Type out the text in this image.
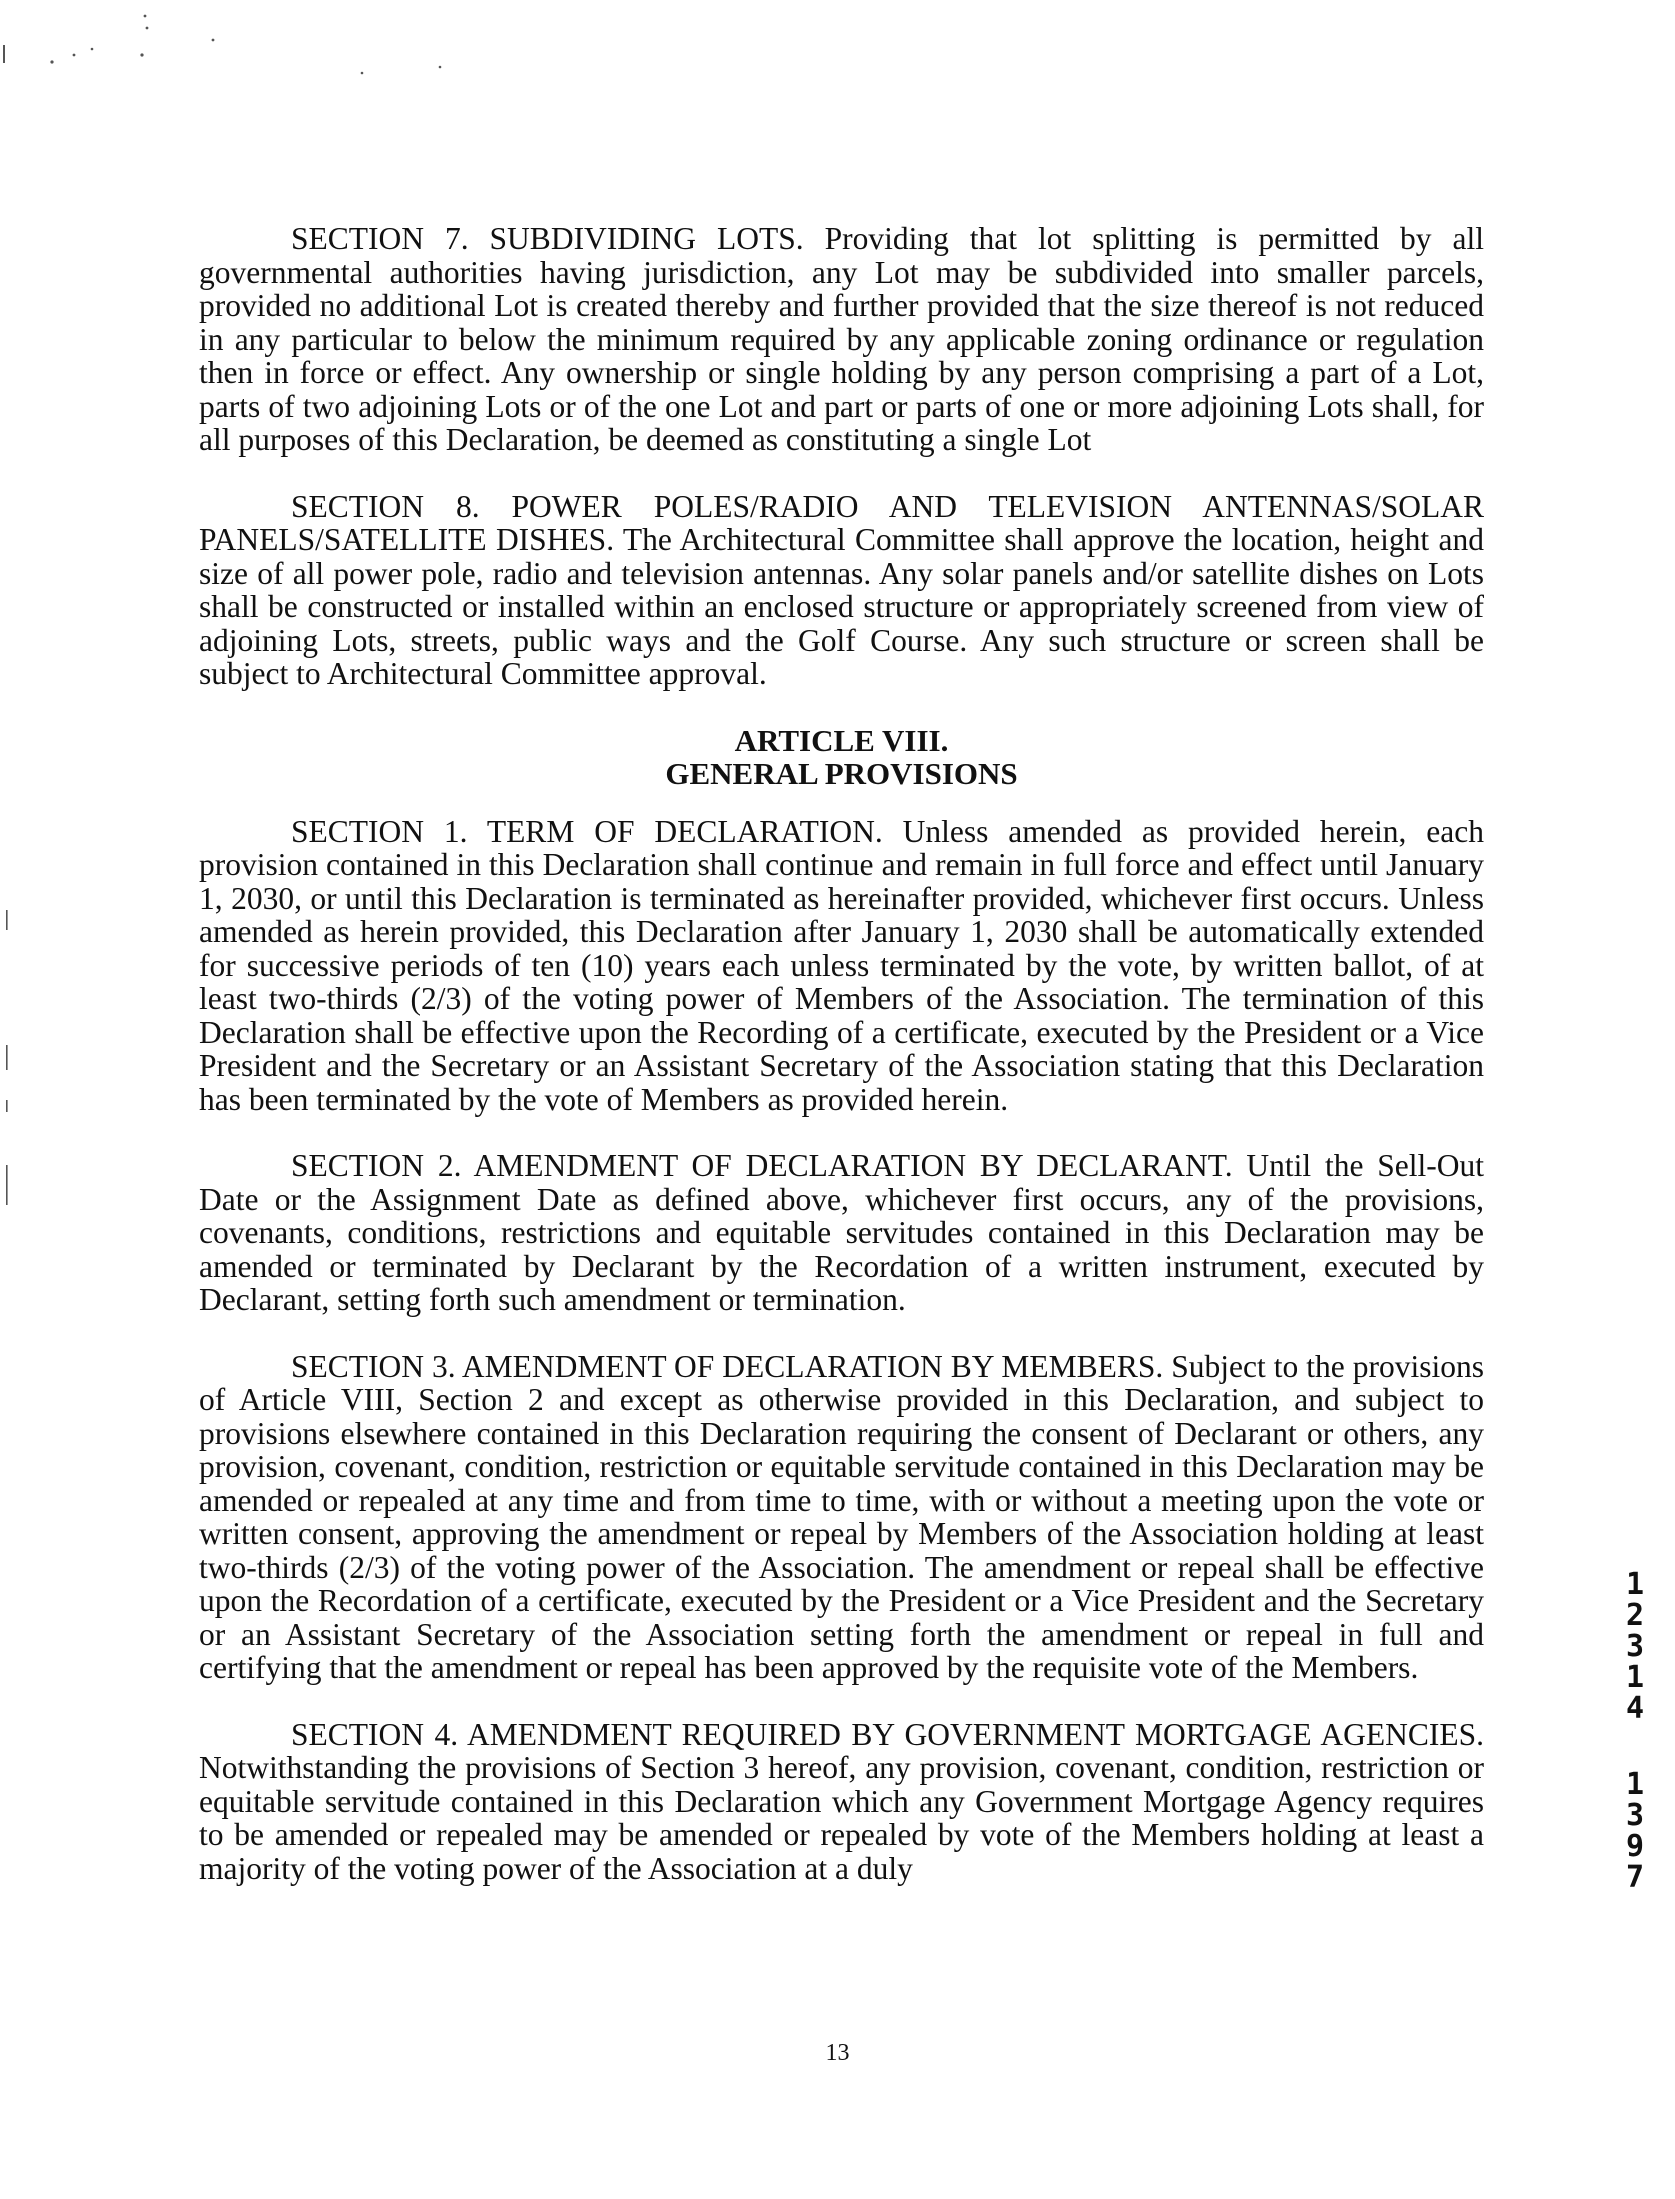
SECTION 7. SUBDIVIDING LOTS. Providing that lot splitting is permitted by all governmental authorities having jurisdiction, any Lot may be subdivided into smaller parcels, provided no additional Lot is created thereby and further provided that the size thereof is not reduced in any particular to below the minimum required by any applicable zoning ordinance or regulation then in force or effect. Any ownership or single holding by any person comprising a part of a Lot, parts of two adjoining Lots or of the one Lot and part or parts of one or more adjoining Lots shall, for all purposes of this Declaration, be deemed as constituting a single Lot

SECTION 8. POWER POLES/RADIO AND TELEVISION ANTENNAS/SOLAR PANELS/SATELLITE DISHES. The Architectural Committee shall approve the location, height and size of all power pole, radio and television antennas. Any solar panels and/or satellite dishes on Lots shall be constructed or installed within an enclosed structure or appropriately screened from view of adjoining Lots, streets, public ways and the Golf Course. Any such structure or screen shall be subject to Architectural Committee approval.

ARTICLE VIII.
GENERAL PROVISIONS

SECTION 1. TERM OF DECLARATION. Unless amended as provided herein, each provision contained in this Declaration shall continue and remain in full force and effect until January 1, 2030, or until this Declaration is terminated as hereinafter provided, whichever first occurs. Unless amended as herein provided, this Declaration after January 1, 2030 shall be automatically extended for successive periods of ten (10) years each unless terminated by the vote, by written ballot, of at least two-thirds (2/3) of the voting power of Members of the Association. The termination of this Declaration shall be effective upon the Recording of a certificate, executed by the President or a Vice President and the Secretary or an Assistant Secretary of the Association stating that this Declaration has been terminated by the vote of Members as provided herein.

SECTION 2. AMENDMENT OF DECLARATION BY DECLARANT. Until the Sell-Out Date or the Assignment Date as defined above, whichever first occurs, any of the provisions, covenants, conditions, restrictions and equitable servitudes contained in this Declaration may be amended or terminated by Declarant by the Recordation of a written instrument, executed by Declarant, setting forth such amendment or termination.

SECTION 3. AMENDMENT OF DECLARATION BY MEMBERS. Subject to the provisions of Article VIII, Section 2 and except as otherwise provided in this Declaration, and subject to provisions elsewhere contained in this Declaration requiring the consent of Declarant or others, any provision, covenant, condition, restriction or equitable servitude contained in this Declaration may be amended or repealed at any time and from time to time, with or without a meeting upon the vote or written consent, approving the amendment or repeal by Members of the Association holding at least two-thirds (2/3) of the voting power of the Association. The amendment or repeal shall be effective upon the Recordation of a certificate, executed by the President or a Vice President and the Secretary or an Assistant Secretary of the Association setting forth the amendment or repeal in full and certifying that the amendment or repeal has been approved by the requisite vote of the Members.

SECTION 4. AMENDMENT REQUIRED BY GOVERNMENT MORTGAGE AGENCIES. Notwithstanding the provisions of Section 3 hereof, any provision, covenant, condition, restriction or equitable servitude contained in this Declaration which any Government Mortgage Agency requires to be amended or repealed may be amended or repealed by vote of the Members holding at least a majority of the voting power of the Association at a duly

1
2
3
1
4
1
3
9
7
13
